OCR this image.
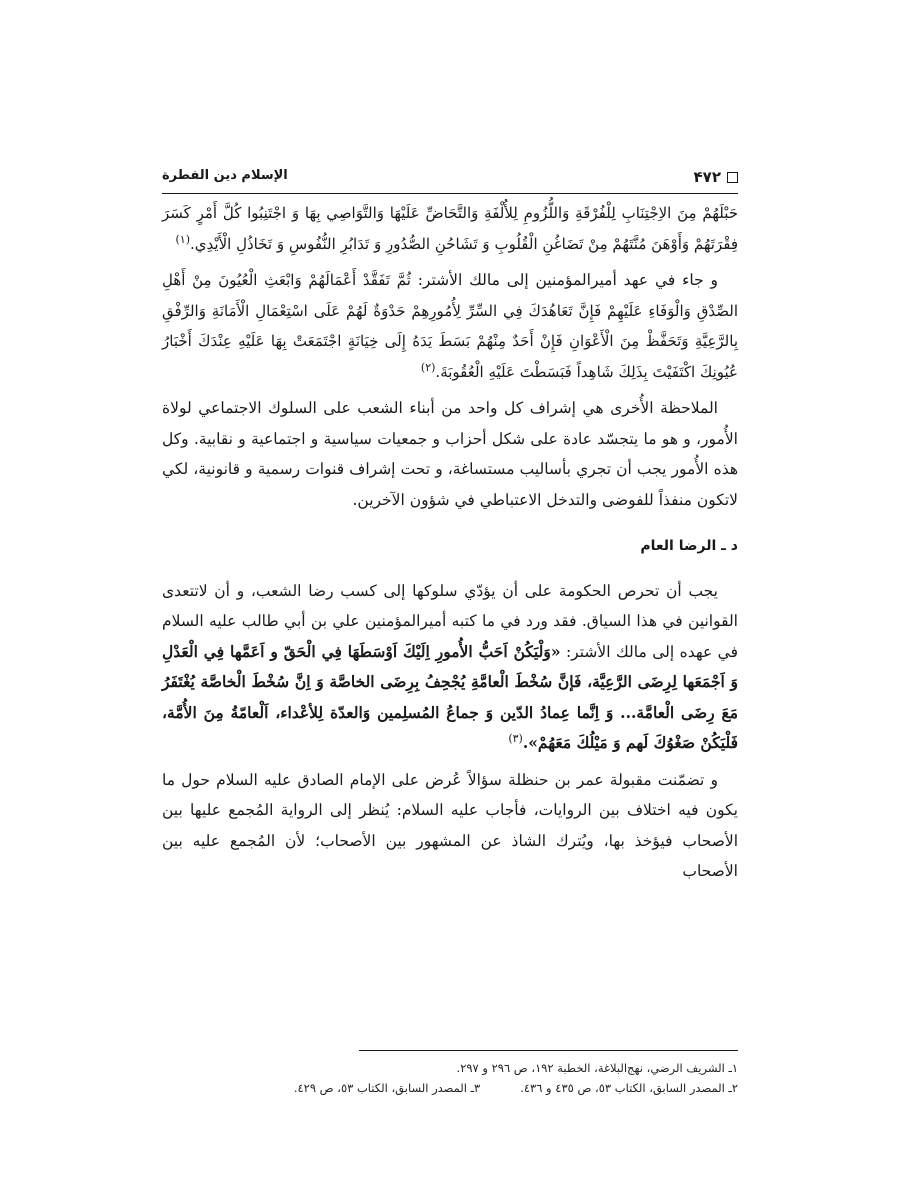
۴۷۲
الإسلام دين الفطرة

حَبْلَهُمْ مِنَ الاِجْتِنَابِ لِلْفُرْقَةِ وَاللُّزُومِ لِلأُلْفَةِ وَالتَّحَاضِّ عَلَيْهَا وَالتَّوَاصِي بِهَا وَ اجْتَنِبُوا كُلَّ أَمْرٍ كَسَرَ فِقْرَتَهُمْ وَأَوْهَنَ مُنَّتَهُمْ مِنْ تَضَاغُنِ الْقُلُوبِ وَ تَشَاحُنِ الصُّدُورِ وَ تَدَابُرِ النُّفُوسِ وَ تَخَاذُلِ الْأَيْدِي.$^{(١)}$

و جاء في عهد أميرالمؤمنين إلى مالك الأشتر: ثُمَّ تَفَقَّدْ أَعْمَالَهُمْ وَابْعَثِ الْعُيُونَ مِنْ أَهْلِ الصِّدْقِ وَالْوَفَاءِ عَلَيْهِمْ فَإِنَّ تَعَاهُدَكَ فِي السِّرِّ لِأُمُورِهِمْ حَدْوَةٌ لَهُمْ عَلَى اسْتِعْمَالِ الْأَمَانَةِ وَالرِّفْقِ بِالرَّعِيَّةِ وَتَحَفَّظْ مِنَ الْأَعْوَانِ فَإِنْ أَحَدٌ مِنْهُمْ بَسَطَ يَدَهُ إِلَى خِيَانَةٍ اجْتَمَعَتْ بِهَا عَلَيْهِ عِنْدَكَ أَخْبَارُ عُيُونِكَ اكْتَفَيْتَ بِذَلِكَ شَاهِداً فَبَسَطْتَ عَلَيْهِ الْعُقُوبَةَ.$^{(٢)}$

الملاحظة الأُخرى هي إشراف كل واحد من أبناء الشعب على السلوك الاجتماعي لولاة الأُمور، و هو ما يتجسّد عادة على شكل أحزاب و جمعيات سياسية و اجتماعية و نقابية. وكل هذه الأُمور يجب أن تجري بأساليب مستساغة، و تحت إشراف قنوات رسمية و قانونية، لكي لاتكون منفذاً للفوضى والتدخل الاعتباطي في شؤون الآخرين.

د ـ الرضا العام

يجب أن تحرص الحكومة على أن يؤدّي سلوكها إلى كسب رضا الشعب، و أن لاتتعدى القوانين في هذا السياق. فقد ورد في ما كتبه أميرالمؤمنين علي بن أبي طالب عليه السلام في عهده إلى مالك الأشتر: «وَلْيَكُنْ اَحَبُّ الأُمورِ اِلَيْكَ اَوْسَطَهَا فِي الْحَقّ و اَعَمَّها فِي الْعَدْلِ وَ اَجْمَعَها لِرِضَى الرَّعِيَّة، فَإنَّ سُخْطَ الْعامَّةِ يُجْحِفُ بِرِضَى الخاصَّة وَ اِنَّ سُخْطَ الْخاصَّة يُغْتَفَرُ مَعَ رِضَى الْعامَّة... وَ اِنَّما عِمادُ الدّين وَ جماعُ المُسلِمين وَالعدّة لِلأعْداء، اَلْعامّةُ مِنَ الأُمَّة، فَلْيَكُنْ صَغْوُكَ لَهم وَ مَيْلُكَ مَعَهُمْ».$^{(٣)}$

و تضمّنت مقبولة عمر بن حنظلة سؤالاً عُرض على الإمام الصادق عليه السلام حول ما يكون فيه اختلاف بين الروايات، فأجاب عليه السلام: يُنظر إلى الرواية المُجمع عليها بين الأصحاب فيؤخذ بها، ويُترك الشاذ عن المشهور بين الأصحاب؛ لأن المُجمع عليه بين الأصحاب

١ـ الشريف الرضي، نهج‌البلاغة، الخطبة ١٩٢، ص ٢٩٦ و ٢٩٧.
٢ـ المصدر السابق، الكتاب ٥٣، ص ٤٣٥ و ٤٣٦.
٣ـ المصدر السابق، الكتاب ٥٣، ص ٤٢٩.
